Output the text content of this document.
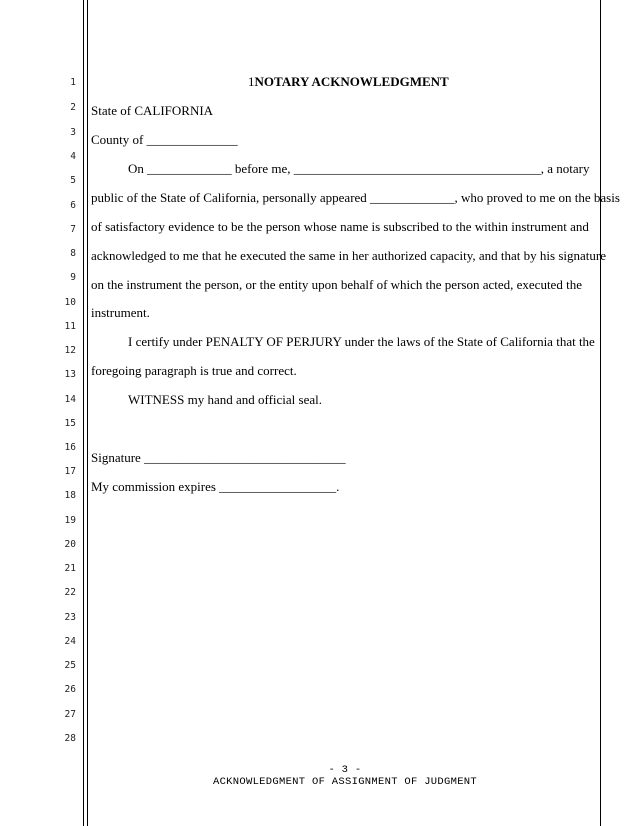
1
2
3
4
5
6
7
8
9
10
11
12
13
14
15
16
17
18
19
20
21
22
23
24
25
26
27
28
1NOTARY ACKNOWLEDGMENT
State of CALIFORNIA
County of ______________
On _____________ before me, ______________________________________, a notary
public of the State of California, personally appeared _____________, who proved to me on the basis
of satisfactory evidence to be the person whose name is subscribed to the within instrument and
acknowledged to me that he executed the same in her authorized capacity, and that by his signature
on the instrument the person, or the entity upon behalf of which the person acted, executed the
instrument.
I certify under PENALTY OF PERJURY under the laws of the State of California that the
foregoing paragraph is true and correct.
WITNESS my hand and official seal.
Signature _______________________________
My commission expires __________________.
- 3 -
ACKNOWLEDGMENT OF ASSIGNMENT OF JUDGMENT
